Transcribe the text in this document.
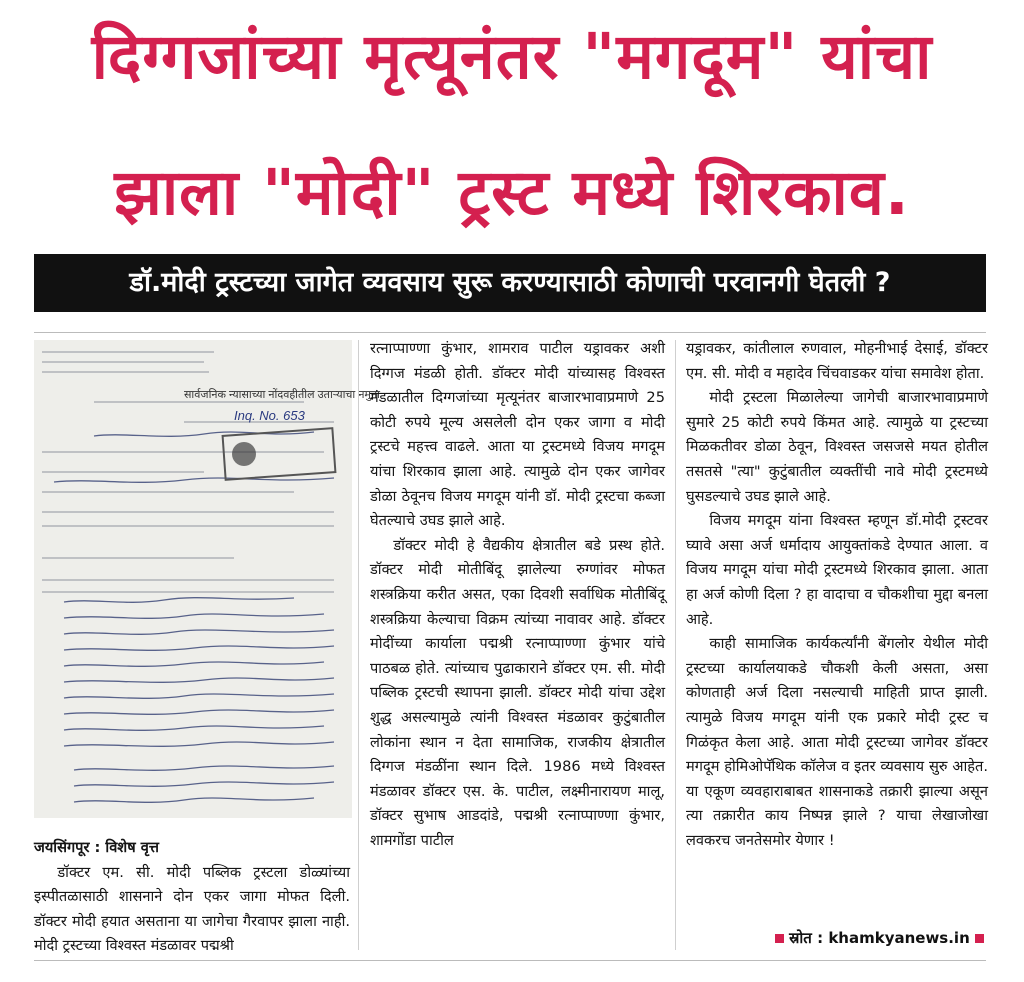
दिग्गजांच्या मृत्यूनंतर "मगदूम" यांचा
झाला "मोदी" ट्रस्ट मध्ये शिरकाव.
डॉ.मोदी ट्रस्टच्या जागेत व्यवसाय सुरू करण्यासाठी कोणाची परवानगी घेतली ?
सार्वजनिक न्यासाच्या नोंदवहीतील उताऱ्याचा नमुना
Inq. No. 653

जयसिंगपूर : विशेष वृत्त

डॉक्टर एम. सी. मोदी पब्लिक ट्रस्टला डोळ्यांच्या इस्पीतळासाठी शासनाने दोन एकर जागा मोफत दिली. डॉक्टर मोदी हयात असताना या जागेचा गैरवापर झाला नाही. मोदी ट्रस्टच्या विश्वस्त मंडळावर पद्मश्री

रत्नाप्पाण्णा कुंभार, शामराव पाटील यड्रावकर अशी दिग्गज मंडळी होती. डॉक्टर मोदी यांच्यासह विश्वस्त मंडळातील दिग्गजांच्या मृत्यूनंतर बाजारभावाप्रमाणे 25 कोटी रुपये मूल्य असलेली दोन एकर जागा व मोदी ट्रस्टचे महत्त्व वाढले. आता या ट्रस्टमध्ये विजय मगदूम यांचा शिरकाव झाला आहे. त्यामुळे दोन एकर जागेवर डोळा ठेवूनच विजय मगदूम यांनी डॉ. मोदी ट्रस्टचा कब्जा घेतल्याचे उघड झाले आहे.

डॉक्टर मोदी हे वैद्यकीय क्षेत्रातील बडे प्रस्थ होते. डॉक्टर मोदी मोतीबिंदू झालेल्या रुग्णांवर मोफत शस्त्रक्रिया करीत असत, एका दिवशी सर्वाधिक मोतीबिंदू शस्त्रक्रिया केल्याचा विक्रम त्यांच्या नावावर आहे. डॉक्टर मोदींच्या कार्याला पद्मश्री रत्नाप्पाण्णा कुंभार यांचे पाठबळ होते. त्यांच्याच पुढाकाराने डॉक्टर एम. सी. मोदी पब्लिक ट्रस्टची स्थापना झाली. डॉक्टर मोदी यांचा उद्देश शुद्ध असल्यामुळे त्यांनी विश्वस्त मंडळावर कुटुंबातील लोकांना स्थान न देता सामाजिक, राजकीय क्षेत्रातील दिग्गज मंडळींना स्थान दिले. 1986 मध्ये विश्वस्त मंडळावर डॉक्टर एस. के. पाटील, लक्ष्मीनारायण मालू, डॉक्टर सुभाष आडदांडे, पद्मश्री रत्नाप्पाण्णा कुंभार, शामगोंडा पाटील

यड्रावकर, कांतीलाल रुणवाल, मोहनीभाई देसाई, डॉक्टर एम. सी. मोदी व महादेव चिंचवाडकर यांचा समावेश होता.

मोदी ट्रस्टला मिळालेल्या जागेची बाजारभावाप्रमाणे सुमारे 25 कोटी रुपये किंमत आहे. त्यामुळे या ट्रस्टच्या मिळकतीवर डोळा ठेवून, विश्वस्त जसजसे मयत होतील तसतसे "त्या" कुटुंबातील व्यक्तींची नावे मोदी ट्रस्टमध्ये घुसडल्याचे उघड झाले आहे.

विजय मगदूम यांना विश्वस्त म्हणून डॉ.मोदी ट्रस्टवर घ्यावे असा अर्ज धर्मादाय आयुक्तांकडे देण्यात आला. व विजय मगदूम यांचा मोदी ट्रस्टमध्ये शिरकाव झाला. आता हा अर्ज कोणी दिला ? हा वादाचा व चौकशीचा मुद्दा बनला आहे.

काही सामाजिक कार्यकर्त्यांनी बेंगलोर येथील मोदी ट्रस्टच्या कार्यालयाकडे चौकशी केली असता, असा कोणताही अर्ज दिला नसल्याची माहिती प्राप्त झाली. त्यामुळे विजय मगदूम यांनी एक प्रकारे मोदी ट्रस्ट च गिळंकृत केला आहे. आता मोदी ट्रस्टच्या जागेवर डॉक्टर मगदूम होमिओपॅथिक कॉलेज व इतर व्यवसाय सुरु आहेत. या एकूण व्यवहाराबाबत शासनाकडे तक्रारी झाल्या असून त्या तक्रारीत काय निष्पन्न झाले ? याचा लेखाजोखा लवकरच जनतेसमोर येणार !

स्रोत : khamkyanews.in
